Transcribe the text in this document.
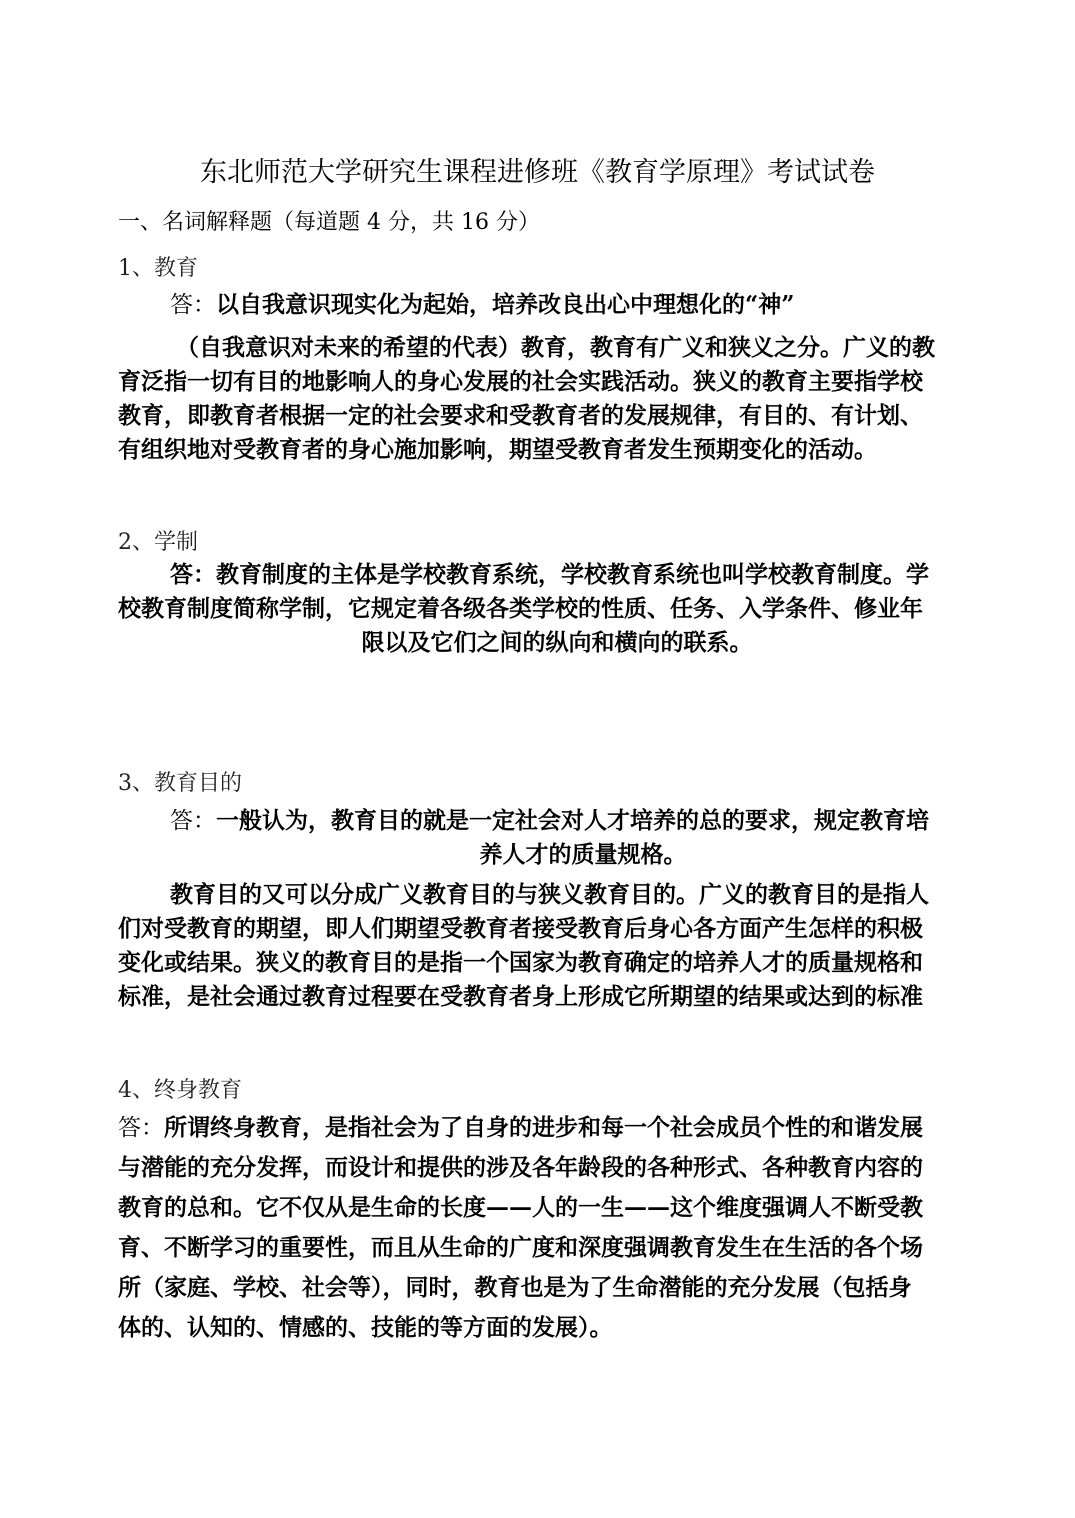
东北师范大学研究生课程进修班《教育学原理》考试试卷

一、名词解释题（每道题 4 分，共 16 分）

1、教育

答：以自我意识现实化为起始，培养改良出心中理想化的“神”

（自我意识对未来的希望的代表）教育，教育有广义和狭义之分。广义的教
育泛指一切有目的地影响人的身心发展的社会实践活动。狭义的教育主要指学校
教育，即教育者根据一定的社会要求和受教育者的发展规律，有目的、有计划、
有组织地对受教育者的身心施加影响，期望受教育者发生预期变化的活动。

2、学制

答：教育制度的主体是学校教育系统，学校教育系统也叫学校教育制度。学
校教育制度简称学制，它规定着各级各类学校的性质、任务、入学条件、修业年
限以及它们之间的纵向和横向的联系。

3、教育目的

答：一般认为，教育目的就是一定社会对人才培养的总的要求，规定教育培

养人才的质量规格。

教育目的又可以分成广义教育目的与狭义教育目的。广义的教育目的是指人
们对受教育的期望，即人们期望受教育者接受教育后身心各方面产生怎样的积极
变化或结果。狭义的教育目的是指一个国家为教育确定的培养人才的质量规格和
标准，是社会通过教育过程要在受教育者身上形成它所期望的结果或达到的标准

4、终身教育

答：所谓终身教育，是指社会为了自身的进步和每一个社会成员个性的和谐发展
与潜能的充分发挥，而设计和提供的涉及各年龄段的各种形式、各种教育内容的
教育的总和。它不仅从是生命的长度——人的一生——这个维度强调人不断受教
育、不断学习的重要性，而且从生命的广度和深度强调教育发生在生活的各个场
所（家庭、学校、社会等），同时，教育也是为了生命潜能的充分发展（包括身
体的、认知的、情感的、技能的等方面的发展）。
